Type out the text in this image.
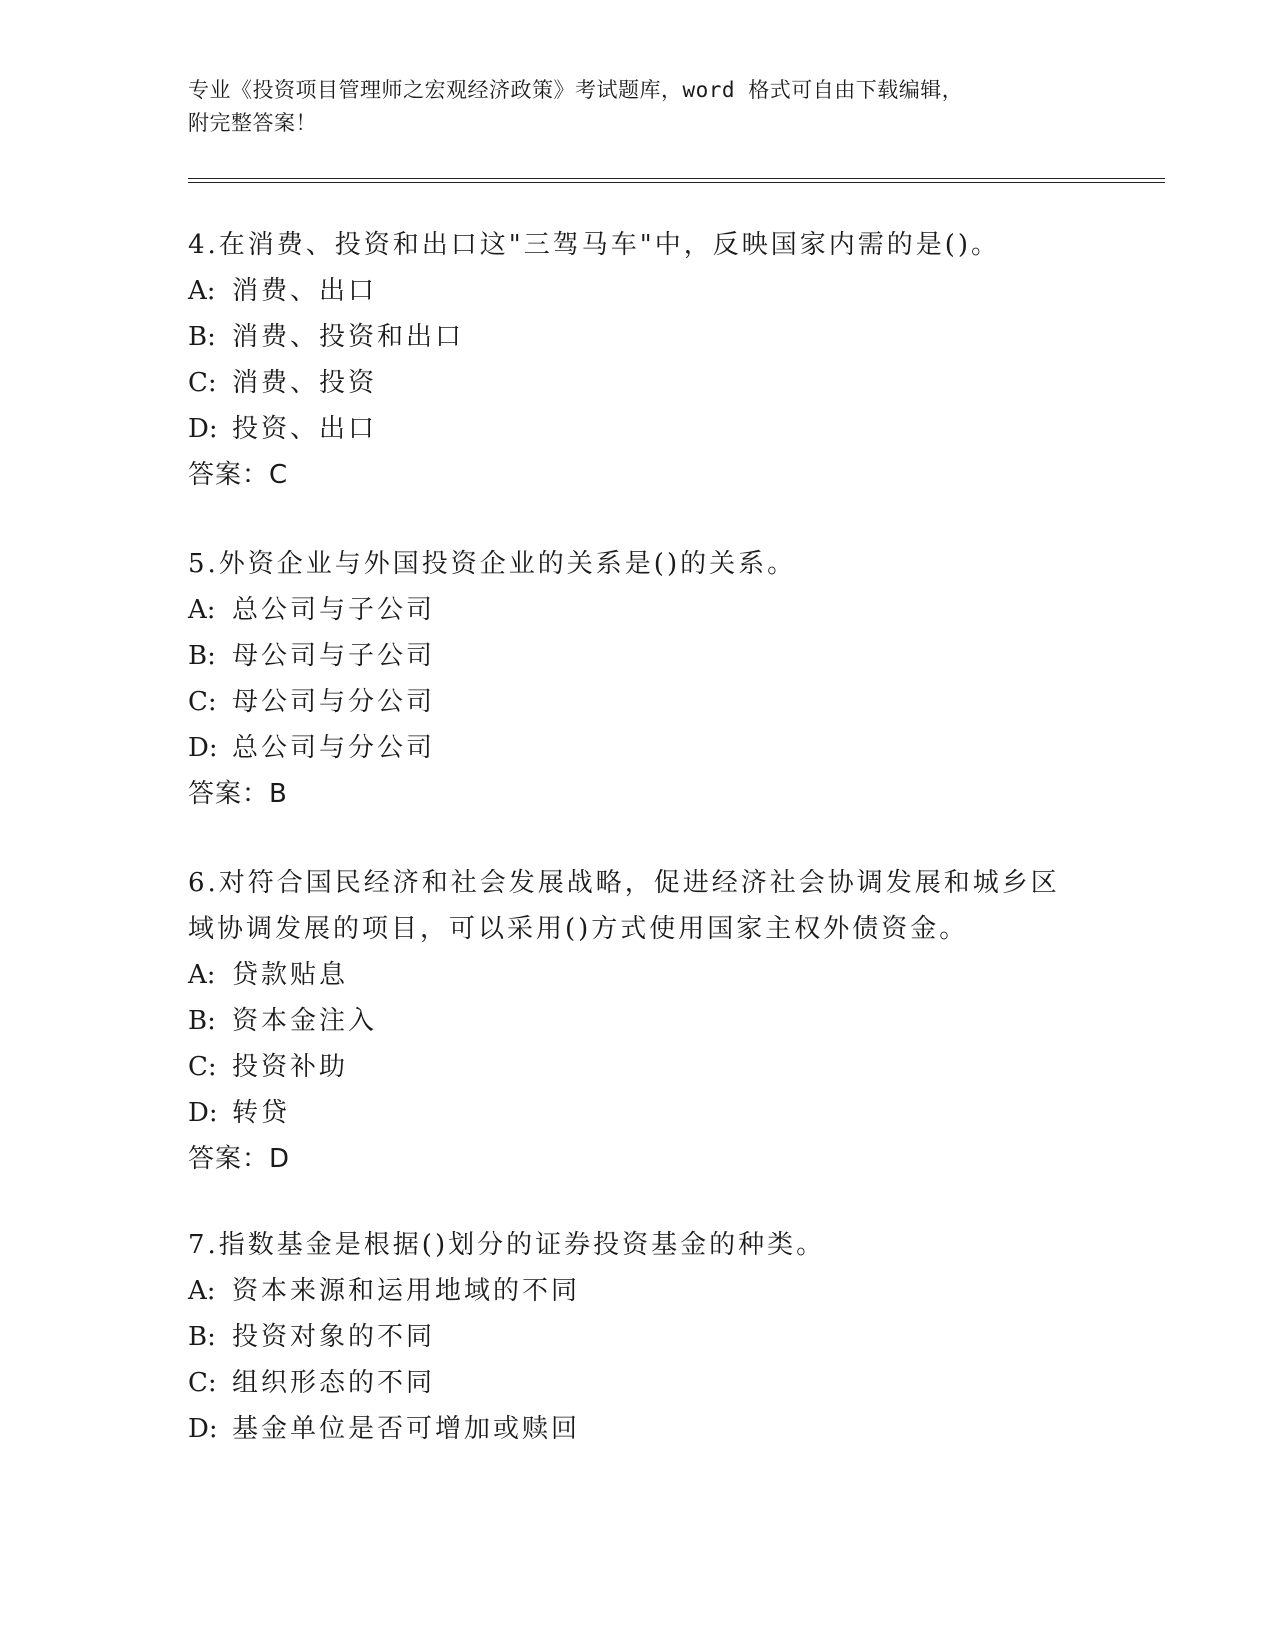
专业《投资项目管理师之宏观经济政策》考试题库，word 格式可自由下载编辑，
附完整答案！

4.在消费、投资和出口这"三驾马车"中，反映国家内需的是()。

A: 消费、出口
B: 消费、投资和出口
C: 消费、投资
D: 投资、出口
答案：C

5.外资企业与外国投资企业的关系是()的关系。

A: 总公司与子公司
B: 母公司与子公司
C: 母公司与分公司
D: 总公司与分公司
答案：B

6.对符合国民经济和社会发展战略，促进经济社会协调发展和城乡区
域协调发展的项目，可以采用()方式使用国家主权外债资金。

A: 贷款贴息
B: 资本金注入
C: 投资补助
D: 转贷
答案：D

7.指数基金是根据()划分的证券投资基金的种类。

A: 资本来源和运用地域的不同
B: 投资对象的不同
C: 组织形态的不同
D: 基金单位是否可增加或赎回
